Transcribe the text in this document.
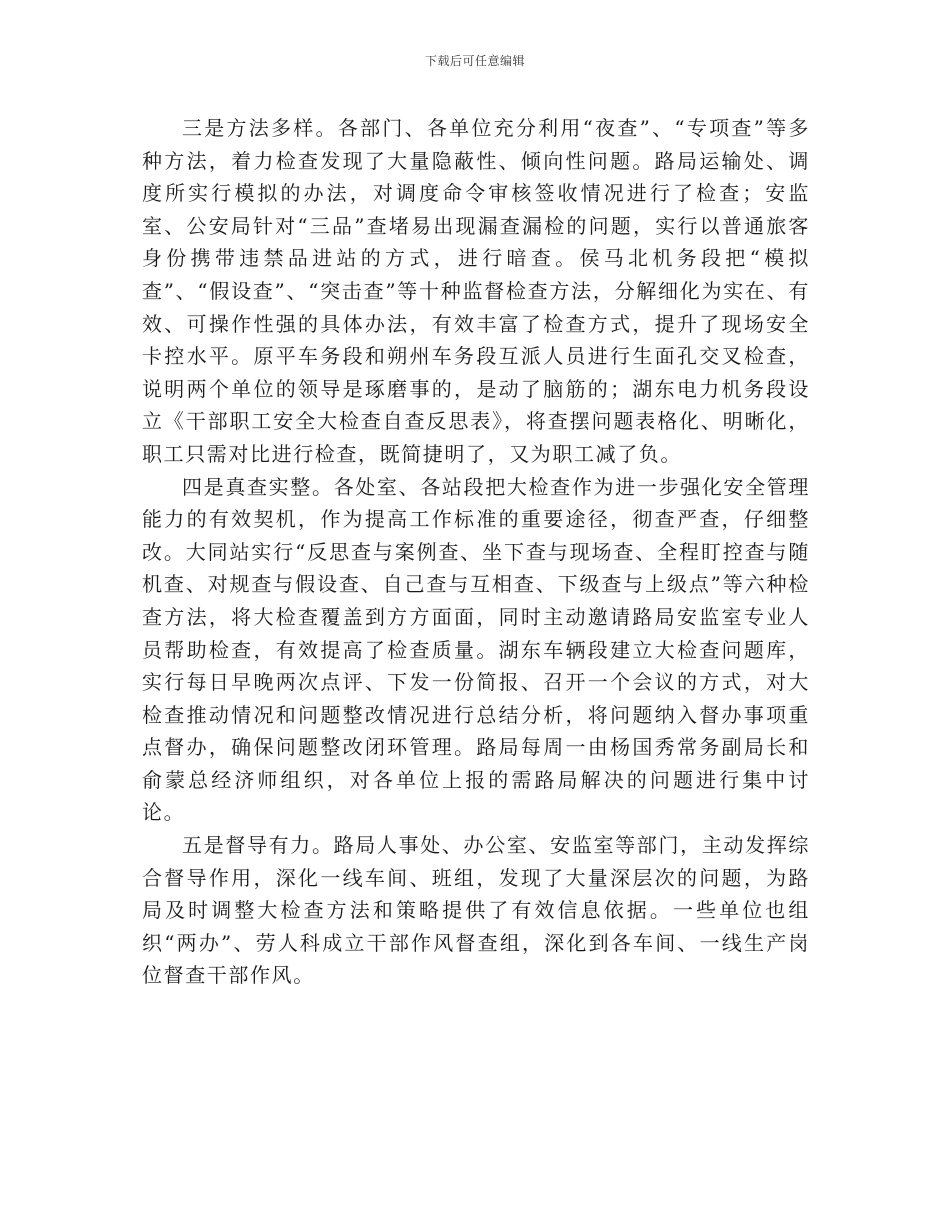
下载后可任意编辑

三是方法多样。各部门、各单位充分利用“夜查”、“专项查”等多种方法，着力检查发现了大量隐蔽性、倾向性问题。路局运输处、调度所实行模拟的办法，对调度命令审核签收情况进行了检查；安监室、公安局针对“三品”查堵易出现漏查漏检的问题，实行以普通旅客身份携带违禁品进站的方式，进行暗查。侯马北机务段把“模拟查”、“假设查”、“突击查”等十种监督检查方法，分解细化为实在、有效、可操作性强的具体办法，有效丰富了检查方式，提升了现场安全卡控水平。原平车务段和朔州车务段互派人员进行生面孔交叉检查，说明两个单位的领导是琢磨事的，是动了脑筋的；湖东电力机务段设立《干部职工安全大检查自查反思表》，将查摆问题表格化、明晰化，职工只需对比进行检查，既简捷明了，又为职工减了负。

四是真查实整。各处室、各站段把大检查作为进一步强化安全管理能力的有效契机，作为提高工作标准的重要途径，彻查严查，仔细整改。大同站实行“反思查与案例查、坐下查与现场查、全程盯控查与随机查、对规查与假设查、自己查与互相查、下级查与上级点”等六种检查方法，将大检查覆盖到方方面面，同时主动邀请路局安监室专业人员帮助检查，有效提高了检查质量。湖东车辆段建立大检查问题库，实行每日早晚两次点评、下发一份简报、召开一个会议的方式，对大检查推动情况和问题整改情况进行总结分析，将问题纳入督办事项重点督办，确保问题整改闭环管理。路局每周一由杨国秀常务副局长和俞蒙总经济师组织，对各单位上报的需路局解决的问题进行集中讨论。

五是督导有力。路局人事处、办公室、安监室等部门，主动发挥综合督导作用，深化一线车间、班组，发现了大量深层次的问题，为路局及时调整大检查方法和策略提供了有效信息依据。一些单位也组织“两办”、劳人科成立干部作风督查组，深化到各车间、一线生产岗位督查干部作风。
